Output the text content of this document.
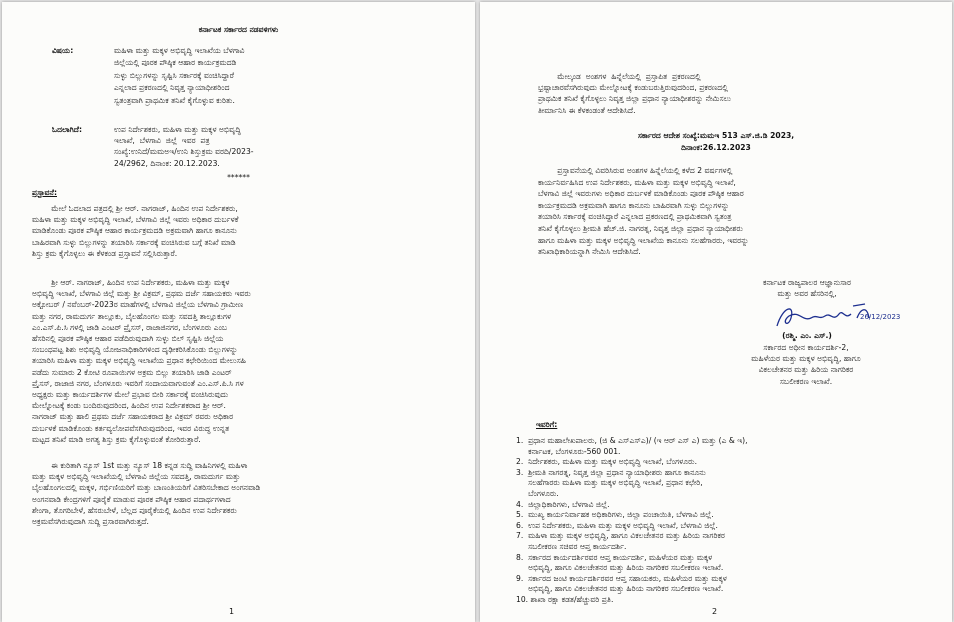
ಕರ್ನಾಟಕ ಸರ್ಕಾರದ ನಡವಳಿಗಳು
ವಿಷಯ:	ಮಹಿಳಾ ಮತ್ತು ಮಕ್ಕಳ ಅಭಿವೃದ್ಧಿ ಇಲಾಖೆಯ ಬೆಳಗಾವಿ
ಜಿಲ್ಲೆಯಲ್ಲಿ ಪೂರಕ ಪೌಷ್ಠಿಕ ಆಹಾರ ಕಾರ್ಯಕ್ರಮದಡಿ
ಸುಳ್ಳು ಬಿಲ್ಲುಗಳನ್ನು ಸೃಷ್ಟಿಸಿ ಸರ್ಕಾರಕ್ಕೆ ವಂಚಿಸಿದ್ದಾರೆ
ಎನ್ನಲಾದ ಪ್ರಕರಣದಲ್ಲಿ ನಿವೃತ್ತ ನ್ಯಾಯಾಧೀಶರಿಂದ
ಸ್ವತಂತ್ರವಾಗಿ ಪ್ರಾಥಮಿಕ ತನಿಖೆ ಕೈಗೊಳ್ಳುವ ಕುರಿತು.
ಓದಲಾಗಿದೆ:	ಉಪ ನಿರ್ದೇಶಕರು, ಮಹಿಳಾ ಮತ್ತು ಮಕ್ಕಳ ಅಭಿವೃದ್ಧಿ
ಇಲಾಖೆ,  ಬೆಳಗಾವಿ  ಜಿಲ್ಲೆ  ಇವರ  ಪತ್ರ
ಸಂಖ್ಯೆ:ಉನಿದೆ/ಮಮಅಇ/ಉನಿ ಶಿಸ್ತುಕ್ರಮ ವರದಿ/2023-
24/2962, ದಿನಾಂಕ: 20.12.2023.
******
ಪ್ರಸ್ತಾವನೆ:
ಮೇಲೆ ಓದಲಾದ ಪತ್ರದಲ್ಲಿ ಶ್ರೀ ಆರ್. ನಾಗರಾಜ್, ಹಿಂದಿನ ಉಪ ನಿರ್ದೇಶಕರು,
ಮಹಿಳಾ ಮತ್ತು ಮಕ್ಕಳ ಅಭಿವೃದ್ಧಿ ಇಲಾಖೆ, ಬೆಳಗಾವಿ ಜಿಲ್ಲೆ ಇವರು ಅಧಿಕಾರ ದುರ್ಬಳಕೆ
ಮಾಡಿಕೊಂಡು ಪೂರಕ ಪೌಷ್ಠಿಕ ಆಹಾರ ಕಾರ್ಯಕ್ರಮದಡಿ ಅಕ್ರಮವಾಗಿ ಹಾಗೂ ಕಾನೂನು
ಬಾಹಿರವಾಗಿ ಸುಳ್ಳು ಬಿಲ್ಲುಗಳನ್ನು ತಯಾರಿಸಿ ಸರ್ಕಾರಕ್ಕೆ ವಂಚಿಸಿರುವ ಬಗ್ಗೆ ತನಿಖೆ ಮಾಡಿ
ಶಿಸ್ತು ಕ್ರಮ ಕೈಗೊಳ್ಳಲು ಈ ಕೆಳಕಂಡ ಪ್ರಸ್ತಾವನೆ ಸಲ್ಲಿಸಿರುತ್ತಾರೆ.
ಶ್ರೀ ಆರ್. ನಾಗರಾಜ್, ಹಿಂದಿನ ಉಪ ನಿರ್ದೇಶಕರು, ಮಹಿಳಾ ಮತ್ತು ಮಕ್ಕಳ
ಅಭಿವೃದ್ಧಿ ಇಲಾಖೆ, ಬೆಳಗಾವಿ ಜಿಲ್ಲೆ ಮತ್ತು ಶ್ರೀ ವಿಕ್ರಮ್, ಪ್ರಥಮ ದರ್ಜೆ ಸಹಾಯಕರು ಇವರು
ಅಕ್ಟೋಬರ್ / ನವೆಂಬರ್-2023ರ ಮಾಹೆಗಳಲ್ಲಿ ಬೆಳಗಾವಿ ಜಿಲ್ಲೆಯ ಬೆಳಗಾವಿ ಗ್ರಾಮೀಣ
ಮತ್ತು ನಗರ, ರಾಮದುರ್ಗ ತಾಲ್ಲೂಕು, ಬೈಲಹೊಂಗಲ ಮತ್ತು ಸವದತ್ತಿ ತಾಲ್ಲೂಕುಗಳ
ಎಂ.ಎಸ್.ಪಿ.ಸಿ ಗಳಲ್ಲಿ ಜಾಡಿ ಎಂಟರ್ ಪ್ರೈಸಸ್, ರಾಜಾಜಿನಗರ, ಬೆಂಗಳೂರು ಎಂಬ
ಹೆಸರಿನಲ್ಲಿ ಪೂರಕ ಪೌಷ್ಠಿಕ ಆಹಾರ ಪಡೆದಿರುವುದಾಗಿ ಸುಳ್ಳು ಬಿಲ್ ಸೃಷ್ಟಿಸಿ ಜಿಲ್ಲೆಯ
ಸಂಬಂಧಪಟ್ಟ ಶಿಶು ಅಭಿವೃದ್ಧಿ ಯೋಜನಾಧಿಕಾರಿಗಳಿಂದ ದೃಢೀಕರಿಸಿಕೊಂಡು ಬಿಲ್ಲುಗಳನ್ನು
ತಯಾರಿಸಿ ಮಹಿಳಾ ಮತ್ತು ಮಕ್ಕಳ ಅಭಿವೃದ್ಧಿ ಇಲಾಖೆಯ ಪ್ರಧಾನ ಕಛೇರಿಯಿಂದ ಮೇಲುಸಹಿ
ಪಡೆದು ಸುಮಾರು 2 ಕೋಟಿ ರೂಪಾಯಿಗಳ ಅಕ್ರಮ ಬಿಲ್ಲು ತಯಾರಿಸಿ ಜಾಡಿ ಎಂಟರ್
ಪ್ರೈಸಸ್, ರಾಜಾಜಿ ನಗರ, ಬೆಂಗಳೂರು ಇವರಿಗೆ ಸಂದಾಯವಾಗುವಂತೆ ಎಂ.ಎಸ್.ಪಿ.ಸಿ ಗಳ
ಅಧ್ಯಕ್ಷರು ಮತ್ತು ಕಾರ್ಯದರ್ಶಿಗಳ ಮೇಲೆ ಪ್ರಭಾವ ಬೀರಿ ಸರ್ಕಾರಕ್ಕೆ ವಂಚಿಸಿರುವುದು
ಮೇಲ್ನೋಟಕ್ಕೆ ಕಂಡು ಬಂದಿರುವುದರಿಂದ, ಹಿಂದಿನ ಉಪ ನಿರ್ದೇಶಕರಾದ ಶ್ರೀ ಆರ್.
ನಾಗರಾಜ್ ಮತ್ತು ಹಾಲಿ ಪ್ರಥಮ ದರ್ಜೆ ಸಹಾಯಕರಾದ ಶ್ರೀ ವಿಕ್ರಮ್ ರವರು ಅಧಿಕಾರ
ದುರ್ಬಳಕೆ ಮಾಡಿಕೊಂಡು ಕರ್ತವ್ಯಲೋಪವೆಸಗಿರುವುದರಿಂದ, ಇವರ ವಿರುದ್ಧ ಉನ್ನತ
ಮಟ್ಟದ ತನಿಖೆ ಮಾಡಿ ಅಗತ್ಯ ಶಿಸ್ತು ಕ್ರಮ ಕೈಗೊಳ್ಳುವಂತೆ ಕೋರಿರುತ್ತಾರೆ.
ಈ ಕುರಿತಾಗಿ ನ್ಯೂಸ್ 1st ಮತ್ತು ನ್ಯೂಸ್ 18 ಕನ್ನಡ ಸುದ್ದಿ ವಾಹಿನಿಗಳಲ್ಲಿ ಮಹಿಳಾ
ಮತ್ತು ಮಕ್ಕಳ ಅಭಿವೃದ್ಧಿ ಇಲಾಖೆಯಲ್ಲಿ ಬೆಳಗಾವಿ ಜಿಲ್ಲೆಯ ಸವದತ್ತಿ, ರಾಮದುರ್ಗ ಮತ್ತು
ಬೈಲಹೊಂಗಲದಲ್ಲಿ ಮಕ್ಕಳ, ಗರ್ಭಿಣಿಯರಿಗೆ ಮತ್ತು ಬಾಣಂತಿಯರಿಗೆ ವಿತರಿಸಬೇಕಾದ ಅಂಗನವಾಡಿ
ಅಂಗನವಾಡಿ ಕೇಂದ್ರಗಳಿಗೆ ಪೂರೈಕೆ ಮಾಡುವ ಪೂರಕ ಪೌಷ್ಠಿಕ ಆಹಾರ ಪದಾರ್ಥಗಳಾದ
ಶೇಂಗಾ, ತೊಗರಿಬೇಳೆ, ಹೆಸರುಬೇಳೆ, ಬೆಲ್ಲದ ಪೂರೈಕೆಯಲ್ಲಿ ಹಿಂದಿನ ಉಪ ನಿರ್ದೇಶಕರು
ಅಕ್ರಮವೆಸಗಿರುವುದಾಗಿ ಸುದ್ದಿ ಪ್ರಸಾರವಾಗಿರುತ್ತದೆ.
1
ಮೇಲ್ಕಂಡ  ಅಂಶಗಳ  ಹಿನ್ನೆಲೆಯಲ್ಲಿ  ಪ್ರಸ್ತಾಪಿತ  ಪ್ರಕರಣದಲ್ಲಿ
ಭ್ರಷ್ಟಾಚಾರವೆಸಗಿರುವುದು ಮೇಲ್ನೋಟಕ್ಕೆ ಕಂಡುಬರುತ್ತಿರುವುದರಿಂದ, ಪ್ರಕರಣದಲ್ಲಿ
ಪ್ರಾಥಮಿಕ ತನಿಖೆ ಕೈಗೊಳ್ಳಲು ನಿವೃತ್ತ ಜಿಲ್ಲಾ ಪ್ರಧಾನ ನ್ಯಾಯಾಧೀಶರನ್ನು ನೇಮಿಸಲು
ತೀರ್ಮಾನಿಸಿ ಈ ಕೆಳಕಂಡಂತೆ ಆದೇಶಿಸಿದೆ.
ಸರ್ಕಾರದ ಆದೇಶ ಸಂಖ್ಯೆ:ಮಮಇ 513 ಎಸ್.ಜಿ.ಡಿ 2023,
ದಿನಾಂಕ:26.12.2023
ಪ್ರಸ್ತಾವನೆಯಲ್ಲಿ ವಿವರಿಸಿರುವ ಅಂಶಗಳ ಹಿನ್ನೆಲೆಯಲ್ಲಿ ಕಳೆದ 2 ವರ್ಷಗಳಲ್ಲಿ
ಕಾರ್ಯನಿರ್ವಹಿಸಿದ ಉಪ ನಿರ್ದೇಶಕರು, ಮಹಿಳಾ ಮತ್ತು ಮಕ್ಕಳ ಅಭಿವೃದ್ಧಿ ಇಲಾಖೆ,
ಬೆಳಗಾವಿ ಜಿಲ್ಲೆ ಇವರುಗಳು ಅಧಿಕಾರ ದುರ್ಬಳಕೆ ಮಾಡಿಕೊಂಡು ಪೂರಕ ಪೌಷ್ಠಿಕ ಆಹಾರ
ಕಾರ್ಯಕ್ರಮದಡಿ ಅಕ್ರಮವಾಗಿ ಹಾಗೂ ಕಾನೂನು ಬಾಹಿರವಾಗಿ ಸುಳ್ಳು ಬಿಲ್ಲುಗಳನ್ನು
ತಯಾರಿಸಿ ಸರ್ಕಾರಕ್ಕೆ ವಂಚಿಸಿದ್ದಾರೆ ಎನ್ನಲಾದ ಪ್ರಕರಣದಲ್ಲಿ ಪ್ರಾಥಮಿಕವಾಗಿ ಸ್ವತಂತ್ರ
ತನಿಖೆ ಕೈಗೊಳ್ಳಲು ಶ್ರೀಮತಿ ಹೆಚ್.ಜಿ. ನಾಗರತ್ನ, ನಿವೃತ್ತ ಜಿಲ್ಲಾ ಪ್ರಧಾನ ನ್ಯಾಯಾಧೀಶರು
ಹಾಗೂ ಮಹಿಳಾ ಮತ್ತು ಮಕ್ಕಳ ಅಭಿವೃದ್ಧಿ ಇಲಾಖೆಯ ಕಾನೂನು ಸಲಹೆಗಾರರು, ಇವರನ್ನು
ತನಿಖಾಧಿಕಾರಿಯನ್ನಾಗಿ ನೇಮಿಸಿ ಆದೇಶಿಸಿದೆ.
ಕರ್ನಾಟಕ ರಾಜ್ಯಪಾಲರ ಆಜ್ಞಾನುಸಾರ
ಮತ್ತು ಅವರ ಹೆಸರಿನಲ್ಲಿ,
26/12/2023
(ರಶ್ಮಿ. ಎಂ. ಎಸ್.)
ಸರ್ಕಾರದ ಅಧೀನ ಕಾರ್ಯದರ್ಶಿ-2,
ಮಹಿಳೆಯರ ಮತ್ತು ಮಕ್ಕಳ ಅಭಿವೃದ್ಧಿ, ಹಾಗೂ
ವಿಕಲಚೇತನರ ಮತ್ತು ಹಿರಿಯ ನಾಗರಿಕರ
ಸಬಲೀಕರಣ ಇಲಾಖೆ.
ಇವರಿಗೆ:
1.  ಪ್ರಧಾನ ಮಹಾಲೇಖಪಾಲರು, (ಜಿ & ಎಸ್ಎಸ್ಎ)/ (ಇ ಆರ್ ಎಸ್ ಎ) ಮತ್ತು (ಎ & ಇ),
ಕರ್ನಾಟಕ, ಬೆಂಗಳೂರು-560 001.
2.  ನಿರ್ದೇಶಕರು, ಮಹಿಳಾ ಮತ್ತು ಮಕ್ಕಳ ಅಭಿವೃದ್ಧಿ ಇಲಾಖೆ, ಬೆಂಗಳೂರು.
3.  ಶ್ರೀಮತಿ ನಾಗರತ್ನ, ನಿವೃತ್ತ ಜಿಲ್ಲಾ ಪ್ರಧಾನ ನ್ಯಾಯಾಧೀಶರು ಹಾಗೂ ಕಾನೂನು
ಸಲಹೆಗಾರರು ಮಹಿಳಾ ಮತ್ತು ಮಕ್ಕಳ ಅಭಿವೃದ್ಧಿ ಇಲಾಖೆ, ಪ್ರಧಾನ ಕಛೇರಿ,
ಬೆಂಗಳೂರು.
4.  ಜಿಲ್ಲಾಧಿಕಾರಿಗಳು, ಬೆಳಗಾವಿ ಜಿಲ್ಲೆ.
5.  ಮುಖ್ಯ ಕಾರ್ಯನಿರ್ವಾಹಕ ಅಧಿಕಾರಿಗಳು, ಜಿಲ್ಲಾ ಪಂಚಾಯಿತಿ, ಬೆಳಗಾವಿ ಜಿಲ್ಲೆ.
6.  ಉಪ ನಿರ್ದೇಶಕರು, ಮಹಿಳಾ ಮತ್ತು ಮಕ್ಕಳ ಅಭಿವೃದ್ಧಿ ಇಲಾಖೆ, ಬೆಳಗಾವಿ ಜಿಲ್ಲೆ.
7.  ಮಹಿಳಾ ಮತ್ತು ಮಕ್ಕಳ ಅಭಿವೃದ್ಧಿ, ಹಾಗೂ ವಿಕಲಚೇತನರ ಮತ್ತು ಹಿರಿಯ ನಾಗರಿಕರ
ಸಬಲೀಕರಣ ಸಚಿವರ ಆಪ್ತ ಕಾರ್ಯದರ್ಶಿ.
8.  ಸರ್ಕಾರದ ಕಾರ್ಯದರ್ಶಿರವರ ಆಪ್ತ ಕಾರ್ಯದರ್ಶಿ, ಮಹಿಳೆಯರ ಮತ್ತು ಮಕ್ಕಳ
ಅಭಿವೃದ್ಧಿ, ಹಾಗೂ ವಿಕಲಚೇತನರ ಮತ್ತು ಹಿರಿಯ ನಾಗರಿಕರ ಸಬಲೀಕರಣ ಇಲಾಖೆ.
9.  ಸರ್ಕಾರದ ಜಂಟಿ ಕಾರ್ಯದರ್ಶಿರವರ ಆಪ್ತ ಸಹಾಯಕರು, ಮಹಿಳೆಯರ ಮತ್ತು ಮಕ್ಕಳ
ಅಭಿವೃದ್ಧಿ, ಹಾಗೂ ವಿಕಲಚೇತನರ ಮತ್ತು ಹಿರಿಯ ನಾಗರಿಕರ ಸಬಲೀಕರಣ ಇಲಾಖೆ.
10. ಶಾಖಾ ರಕ್ಷಾ ಕಡತ/ಹೆಚ್ಚುವರಿ ಪ್ರತಿ.
2
